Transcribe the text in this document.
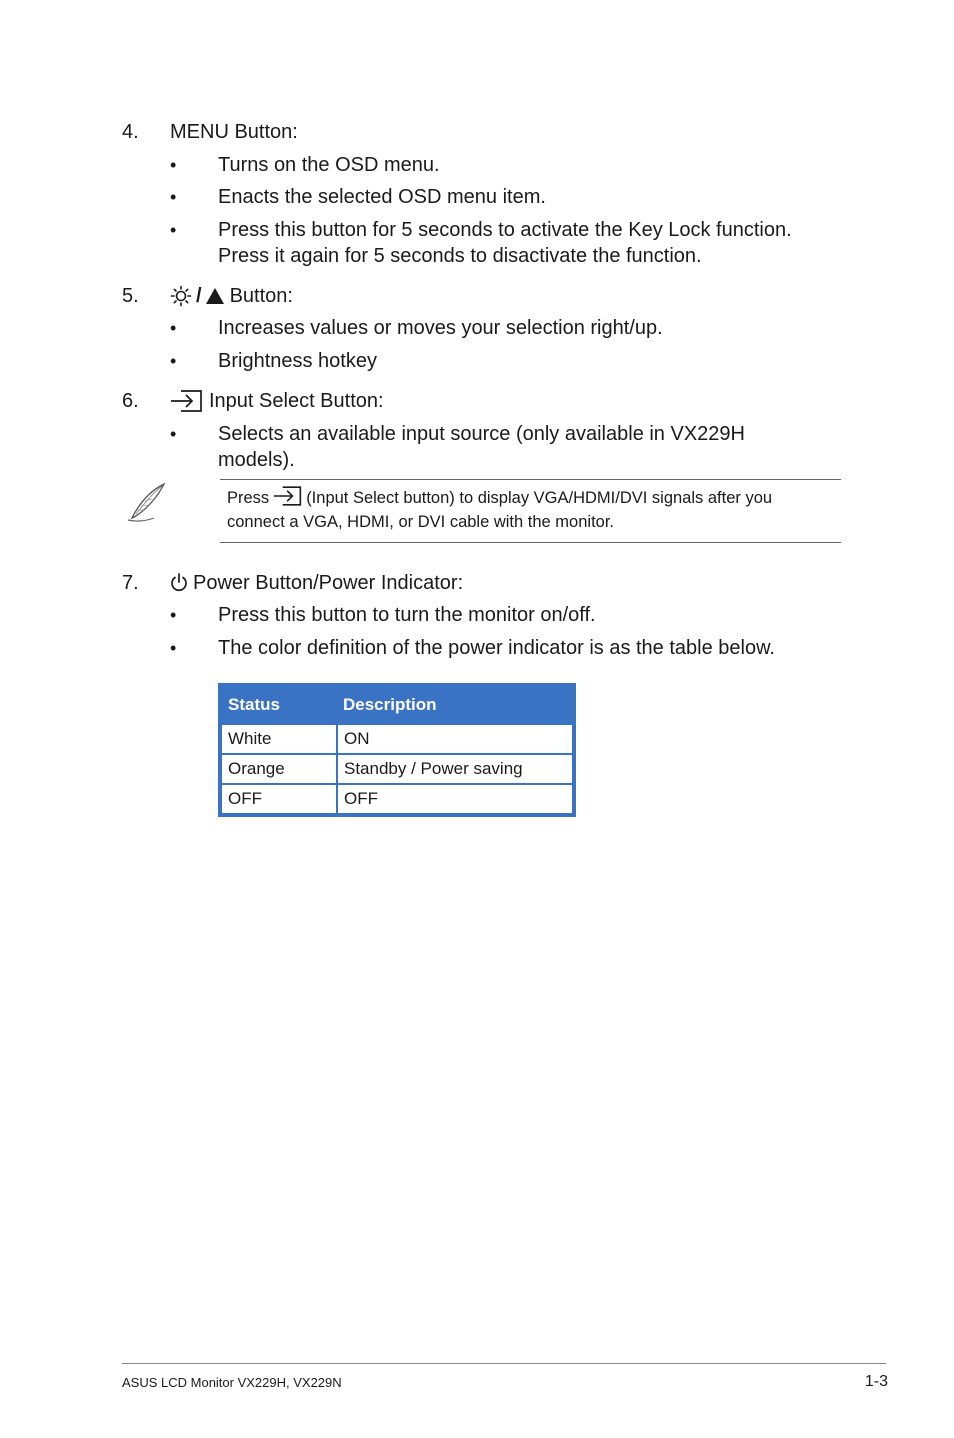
4. MENU Button:
• Turns on the OSD menu.
• Enacts the selected OSD menu item.
• Press this button for 5 seconds to activate the Key Lock function.
Press it again for 5 seconds to disactivate the function.
5.	/ Button:
• Increases values or moves your selection right/up.
• Brightness hotkey
6.	Input Select Button:
• Selects an available input source (only available in VX229H
models).
Press (Input Select button) to display VGA/HDMI/DVI signals after you
connect a VGA, HDMI, or DVI cable with the monitor.
7.	Power Button/Power Indicator:
• Press this button to turn the monitor on/off.
• The color definition of the power indicator is as the table below.
Status	Description
White	ON
Orange	Standby / Power saving
OFF	OFF
ASUS LCD Monitor VX229H, VX229N	1-3
